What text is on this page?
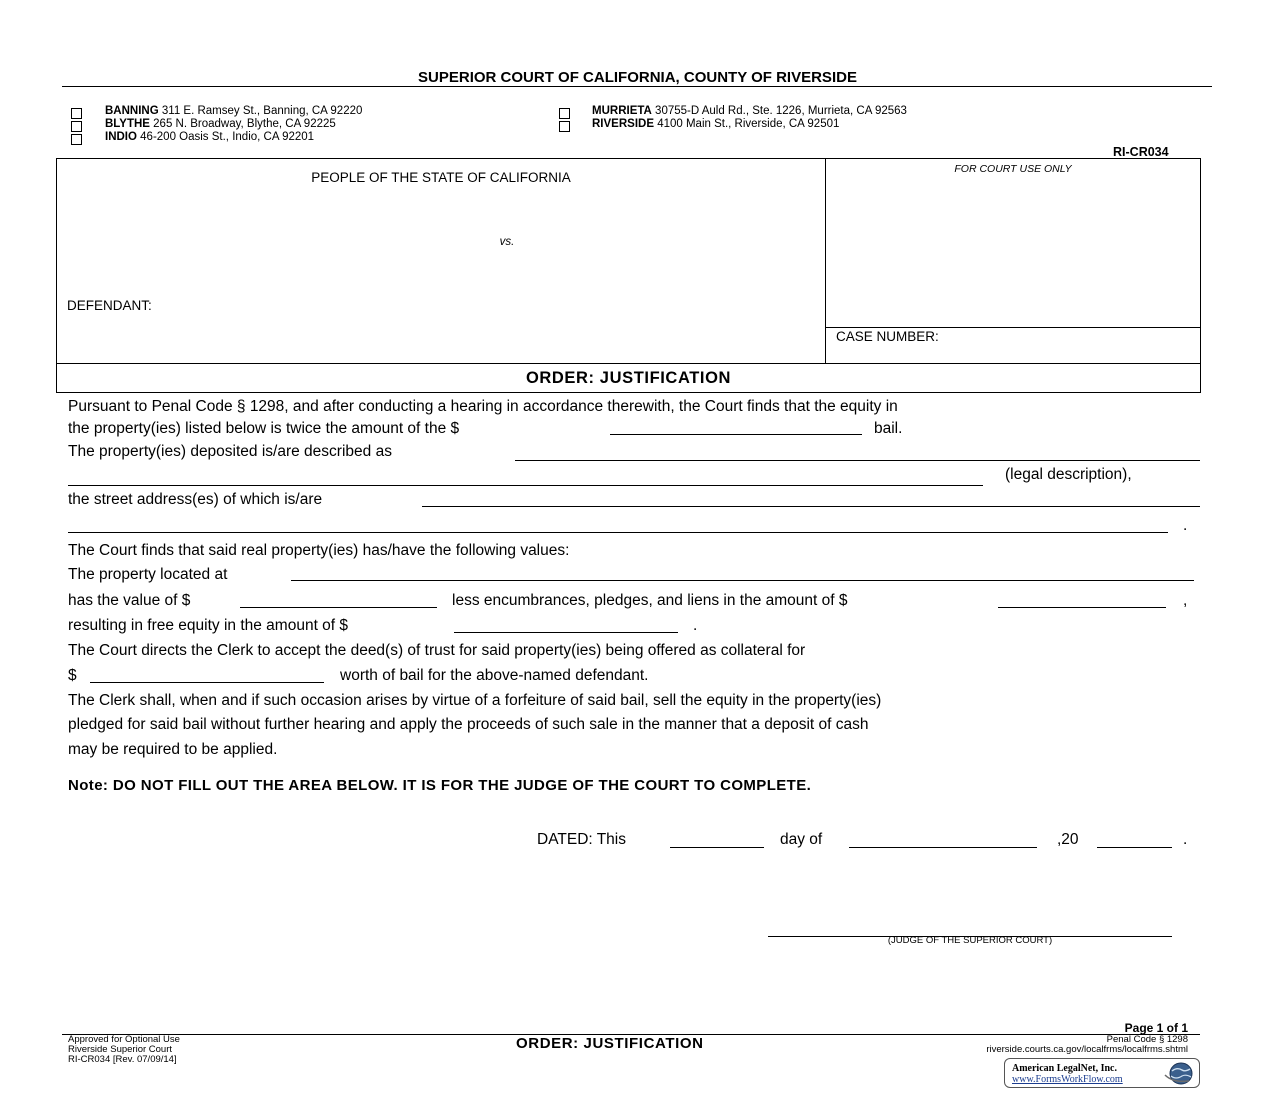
SUPERIOR COURT OF CALIFORNIA, COUNTY OF RIVERSIDE
BANNING 311 E. Ramsey St., Banning, CA 92220
BLYTHE 265 N. Broadway, Blythe, CA 92225
INDIO 46-200 Oasis St., Indio, CA 92201
MURRIETA 30755-D Auld Rd., Ste. 1226, Murrieta, CA 92563
RIVERSIDE 4100 Main St., Riverside, CA 92501
RI-CR034
PEOPLE OF THE STATE OF CALIFORNIA
vs.
DEFENDANT:
FOR COURT USE ONLY
CASE NUMBER:
ORDER: JUSTIFICATION
Pursuant to Penal Code § 1298, and after conducting a hearing in accordance therewith, the Court finds that the equity in
the property(ies) listed below is twice the amount of the $	bail.
The property(ies) deposited is/are described as
(legal description),
the street address(es) of which is/are
.
The Court finds that said real property(ies) has/have the following values:
The property located at
has the value of $	less encumbrances, pledges, and liens in the amount of $	,
resulting in free equity in the amount of $	.
The Court directs the Clerk to accept the deed(s) of trust for said property(ies) being offered as collateral for
$	worth of bail for the above-named defendant.
The Clerk shall, when and if such occasion arises by virtue of a forfeiture of said bail, sell the equity in the property(ies)
pledged for said bail without further hearing and apply the proceeds of such sale in the manner that a deposit of cash
may be required to be applied.
Note: DO NOT FILL OUT THE AREA BELOW. IT IS FOR THE JUDGE OF THE COURT TO COMPLETE.
DATED: This	day of	,20	.
(JUDGE OF THE SUPERIOR COURT)
Approved for Optional Use
Riverside Superior Court
RI-CR034 [Rev. 07/09/14]
ORDER: JUSTIFICATION
Page 1 of 1
Penal Code § 1298
riverside.courts.ca.gov/localfrms/localfrms.shtml
American LegalNet, Inc.
www.FormsWorkFlow.com
